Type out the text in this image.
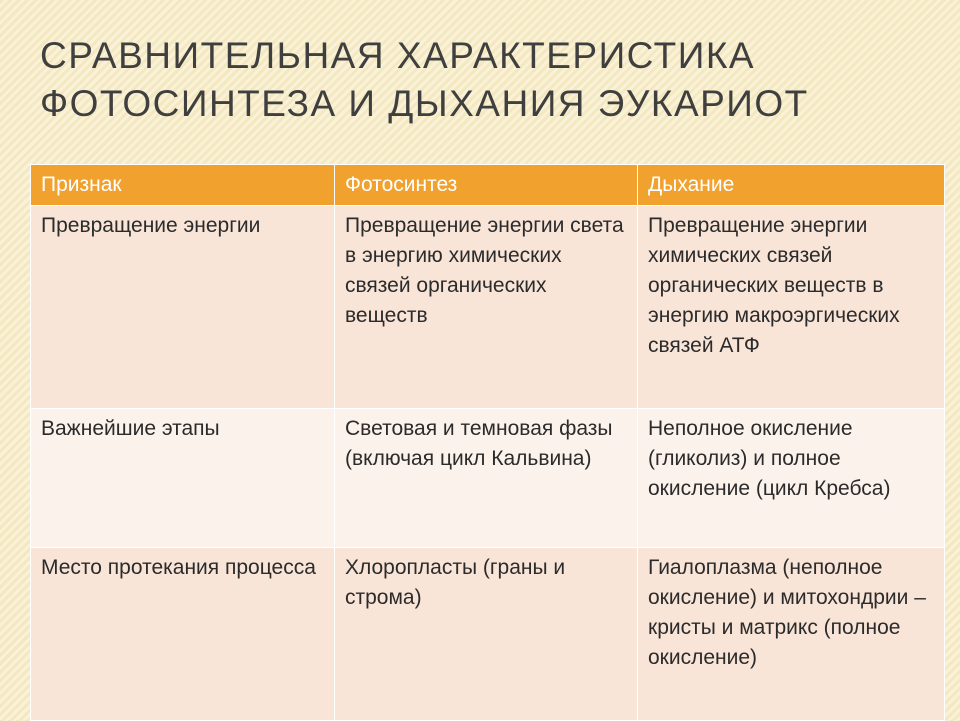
СРАВНИТЕЛЬНАЯ ХАРАКТЕРИСТИКА
ФОТОСИНТЕЗА И ДЫХАНИЯ ЭУКАРИОТ
Признак	Фотосинтез	Дыхание
Превращение энергии	Превращение энергии света в энергию химических связей органических веществ	Превращение энергии химических связей органических веществ в энергию макроэргических связей АТФ
Важнейшие этапы	Световая и темновая фазы (включая цикл Кальвина)	Неполное окисление (гликолиз) и полное окисление (цикл Кребса)
Место протекания процесса	Хлоропласты (граны и строма)	Гиалоплазма (неполное окисление) и митохондрии – кристы и матрикс (полное окисление)
